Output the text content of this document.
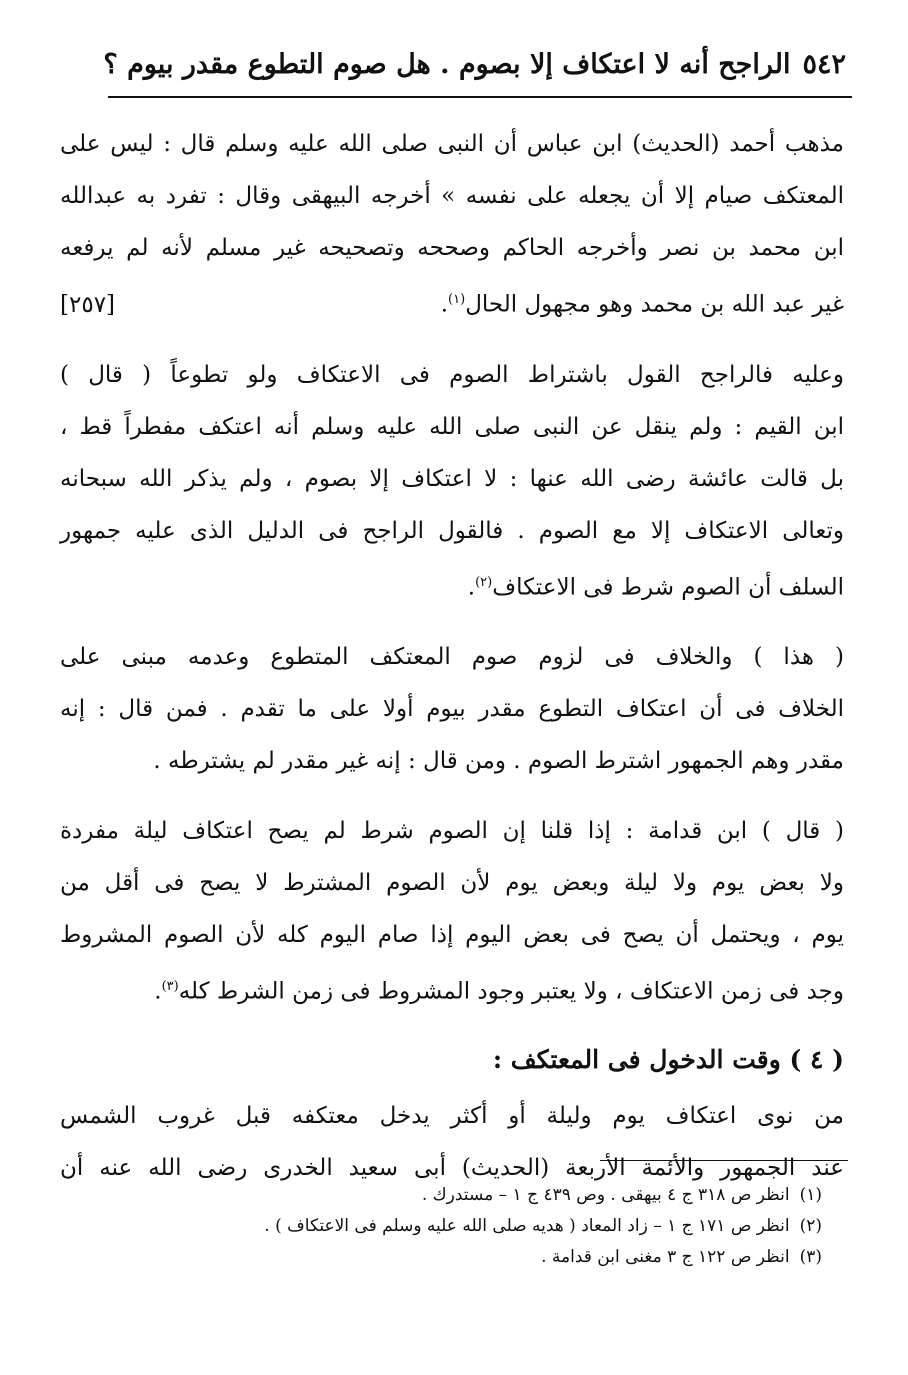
٥٤٢
الراجح أنه لا اعتكاف إلا بصوم . هل صوم التطوع مقدر بيوم ؟
مذهب أحمد (الحديث) ابن عباس أن النبى صلى الله عليه وسلم قال : ليس على
المعتكف صيام إلا أن يجعله على نفسه » أخرجه البيهقى وقال : تفرد به عبدالله
ابن محمد بن نصر وأخرجه الحاكم وصححه وتصحيحه غير مسلم لأنه لم يرفعه
غير عبد الله بن محمد وهو مجهول الحال$^{(١)}$.
[٢٥٧]
وعليه فالراجح القول باشتراط الصوم فى الاعتكاف ولو تطوعاً ( قال )
ابن القيم : ولم ينقل عن النبى صلى الله عليه وسلم أنه اعتكف مفطراً قط ،
بل قالت عائشة رضى الله عنها : لا اعتكاف إلا بصوم ، ولم يذكر الله سبحانه
وتعالى الاعتكاف إلا مع الصوم . فالقول الراجح فى الدليل الذى عليه جمهور
السلف أن الصوم شرط فى الاعتكاف$^{(٢)}$.
( هذا ) والخلاف فى لزوم صوم المعتكف المتطوع وعدمه مبنى على
الخلاف فى أن اعتكاف التطوع مقدر بيوم أولا على ما تقدم . فمن قال : إنه
مقدر وهم الجمهور اشترط الصوم . ومن قال : إنه غير مقدر لم يشترطه .
( قال ) ابن قدامة : إذا قلنا إن الصوم شرط لم يصح اعتكاف ليلة مفردة
ولا بعض يوم ولا ليلة وبعض يوم لأن الصوم المشترط لا يصح فى أقل من
يوم ، ويحتمل أن يصح فى بعض اليوم إذا صام اليوم كله لأن الصوم المشروط
وجد فى زمن الاعتكاف ، ولا يعتبر وجود المشروط فى زمن الشرط كله$^{(٣)}$.
( ٤ ) وقت الدخول فى المعتكف :
من نوى اعتكاف يوم وليلة أو أكثر يدخل معتكفه قبل غروب الشمس
عند الجمهور والأئمة الأربعة (الحديث) أبى سعيد الخدرى رضى الله عنه أن
(١)انظر ص ٣١٨ ج ٤ بيهقى . وص ٤٣٩ ج ١ – مستدرك .
(٢)انظر ص ١٧١ ج ١ – زاد المعاد ( هديه صلى الله عليه وسلم فى الاعتكاف ) .
(٣)انظر ص ١٢٢ ج ٣ مغنى ابن قدامة .
